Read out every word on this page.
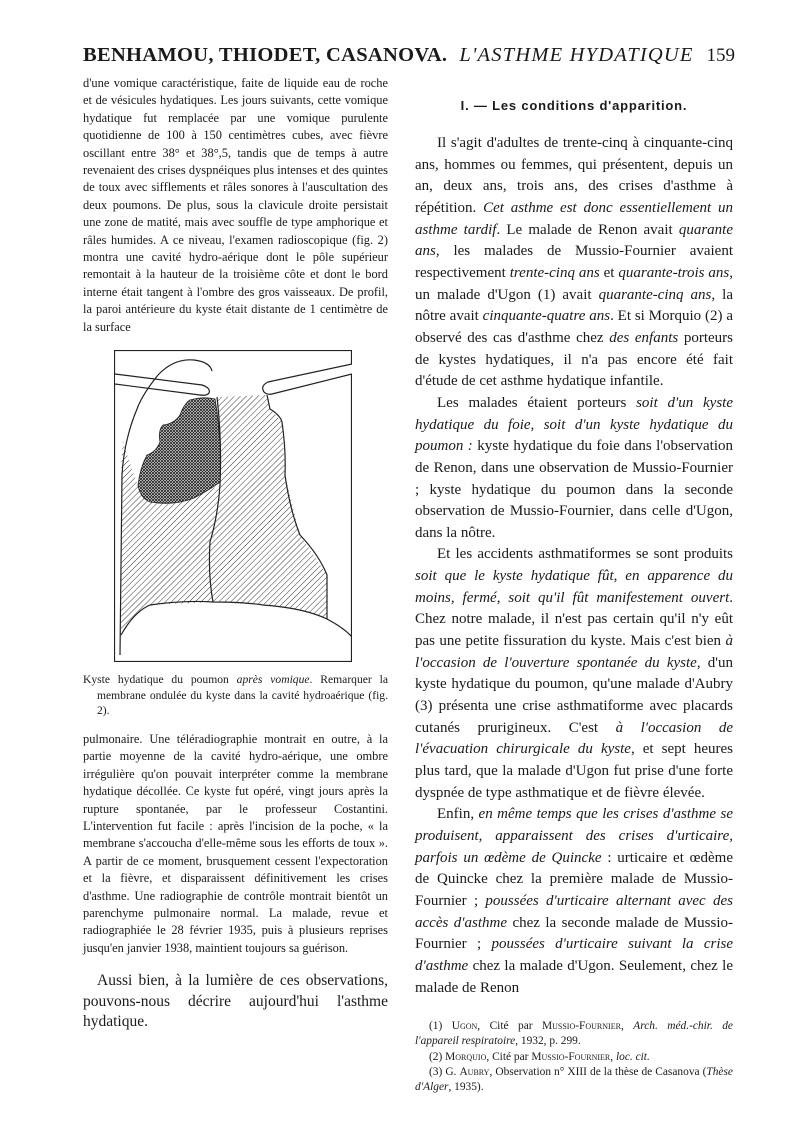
BENHAMOU, THIODET, CASANOVA. L'ASTHME HYDATIQUE 159

d'une vomique caractéristique, faite de liquide eau de roche et de vésicules hydatiques. Les jours suivants, cette vomique hydatique fut remplacée par une vomique purulente quotidienne de 100 à 150 centimètres cubes, avec fièvre oscillant entre 38° et 38°,5, tandis que de temps à autre revenaient des crises dyspnéiques plus intenses et des quintes de toux avec sifflements et râles sonores à l'auscultation des deux poumons. De plus, sous la clavicule droite persistait une zone de matité, mais avec souffle de type amphorique et râles humides. A ce niveau, l'examen radioscopique (fig. 2) montra une cavité hydro-aérique dont le pôle supérieur remontait à la hauteur de la troisième côte et dont le bord interne était tangent à l'ombre des gros vaisseaux. De profil, la paroi antérieure du kyste était distante de 1 centimètre de la surface

Kyste hydatique du poumon après vomique. Remarquer la membrane ondulée du kyste dans la cavité hydroaérique (fig. 2).

pulmonaire. Une téléradiographie montrait en outre, à la partie moyenne de la cavité hydro-aérique, une ombre irrégulière qu'on pouvait interpréter comme la membrane hydatique décollée. Ce kyste fut opéré, vingt jours après la rupture spontanée, par le professeur Costantini. L'intervention fut facile : après l'incision de la poche, « la membrane s'accoucha d'elle-même sous les efforts de toux ». A partir de ce moment, brusquement cessent l'expectoration et la fièvre, et disparaissent définitivement les crises d'asthme. Une radiographie de contrôle montrait bientôt un parenchyme pulmonaire normal. La malade, revue et radiographiée le 28 février 1935, puis à plusieurs reprises jusqu'en janvier 1938, maintient toujours sa guérison.

Aussi bien, à la lumière de ces observations, pouvons-nous décrire aujourd'hui l'asthme hydatique.

I. — Les conditions d'apparition.

Il s'agit d'adultes de trente-cinq à cinquante-cinq ans, hommes ou femmes, qui présentent, depuis un an, deux ans, trois ans, des crises d'asthme à répétition. Cet asthme est donc essentiellement un asthme tardif. Le malade de Renon avait quarante ans, les malades de Mussio-Fournier avaient respectivement trente-cinq ans et quarante-trois ans, un malade d'Ugon (1) avait quarante-cinq ans, la nôtre avait cinquante-quatre ans. Et si Morquio (2) a observé des cas d'asthme chez des enfants porteurs de kystes hydatiques, il n'a pas encore été fait d'étude de cet asthme hydatique infantile.

Les malades étaient porteurs soit d'un kyste hydatique du foie, soit d'un kyste hydatique du poumon : kyste hydatique du foie dans l'observation de Renon, dans une observation de Mussio-Fournier ; kyste hydatique du poumon dans la seconde observation de Mussio-Fournier, dans celle d'Ugon, dans la nôtre.

Et les accidents asthmatiformes se sont produits soit que le kyste hydatique fût, en apparence du moins, fermé, soit qu'il fût manifestement ouvert. Chez notre malade, il n'est pas certain qu'il n'y eût pas une petite fissuration du kyste. Mais c'est bien à l'occasion de l'ouverture spontanée du kyste, d'un kyste hydatique du poumon, qu'une malade d'Aubry (3) présenta une crise asthmatiforme avec placards cutanés prurigineux. C'est à l'occasion de l'évacuation chirurgicale du kyste, et sept heures plus tard, que la malade d'Ugon fut prise d'une forte dyspnée de type asthmatique et de fièvre élevée.

Enfin, en même temps que les crises d'asthme se produisent, apparaissent des crises d'urticaire, parfois un œdème de Quincke : urticaire et œdème de Quincke chez la première malade de Mussio-Fournier ; poussées d'urticaire alternant avec des accès d'asthme chez la seconde malade de Mussio-Fournier ; poussées d'urticaire suivant la crise d'asthme chez la malade d'Ugon. Seulement, chez le malade de Renon

(1) Ugon, Cité par Mussio-Fournier, Arch. méd.-chir. de l'appareil respiratoire, 1932, p. 299.

(2) Morquio, Cité par Mussio-Fournier, loc. cit.

(3) G. Aubry, Observation n° XIII de la thèse de Casanova (Thèse d'Alger, 1935).
